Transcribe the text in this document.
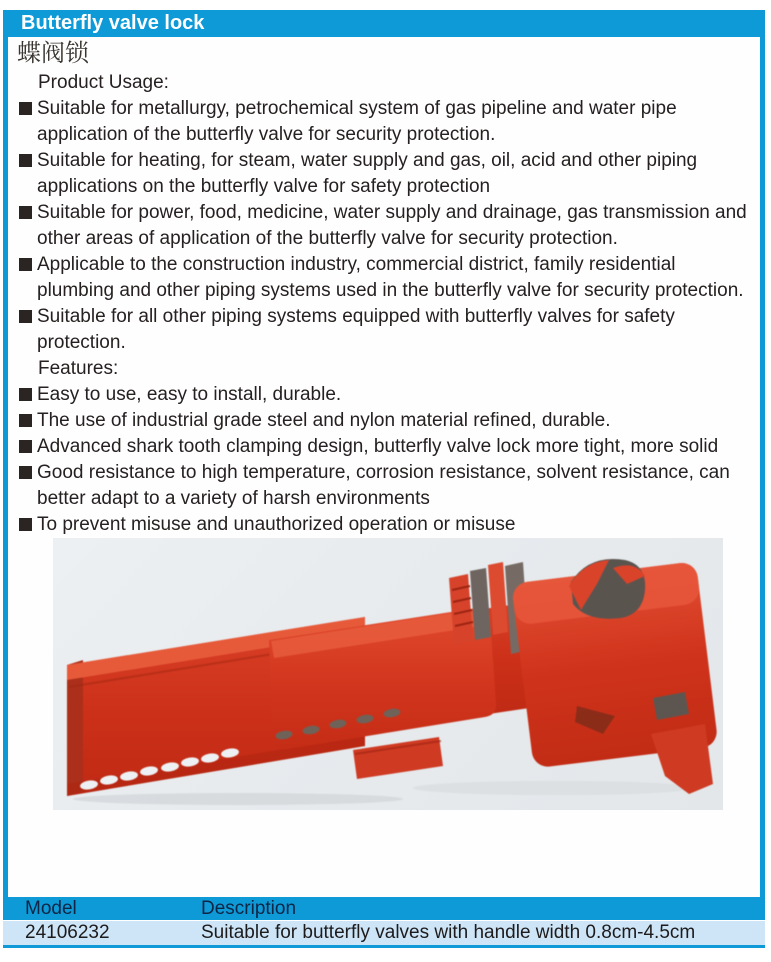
Butterfly valve lock
蝶阀锁
Product Usage:
Suitable for metallurgy, petrochemical system of gas pipeline and water pipe application of the butterfly valve for security protection.
Suitable for heating, for steam, water supply and gas, oil, acid and other piping applications on the butterfly valve for safety protection
Suitable for power, food, medicine, water supply and drainage, gas transmission and other areas of application of the butterfly valve for security protection.
Applicable to the construction industry, commercial district, family residential plumbing and other piping systems used in the butterfly valve for security protection.
Suitable for all other piping systems equipped with butterfly valves for safety protection.
Features:
Easy to use, easy to install, durable.
The use of industrial grade steel and nylon material refined, durable.
Advanced shark tooth clamping design, butterfly valve lock more tight, more solid
Good resistance to high temperature, corrosion resistance, solvent resistance, can better adapt to a variety of harsh environments
To prevent misuse and unauthorized operation or misuse
Model	Description

24106232	Suitable for butterfly valves with handle width 0.8cm-4.5cm
